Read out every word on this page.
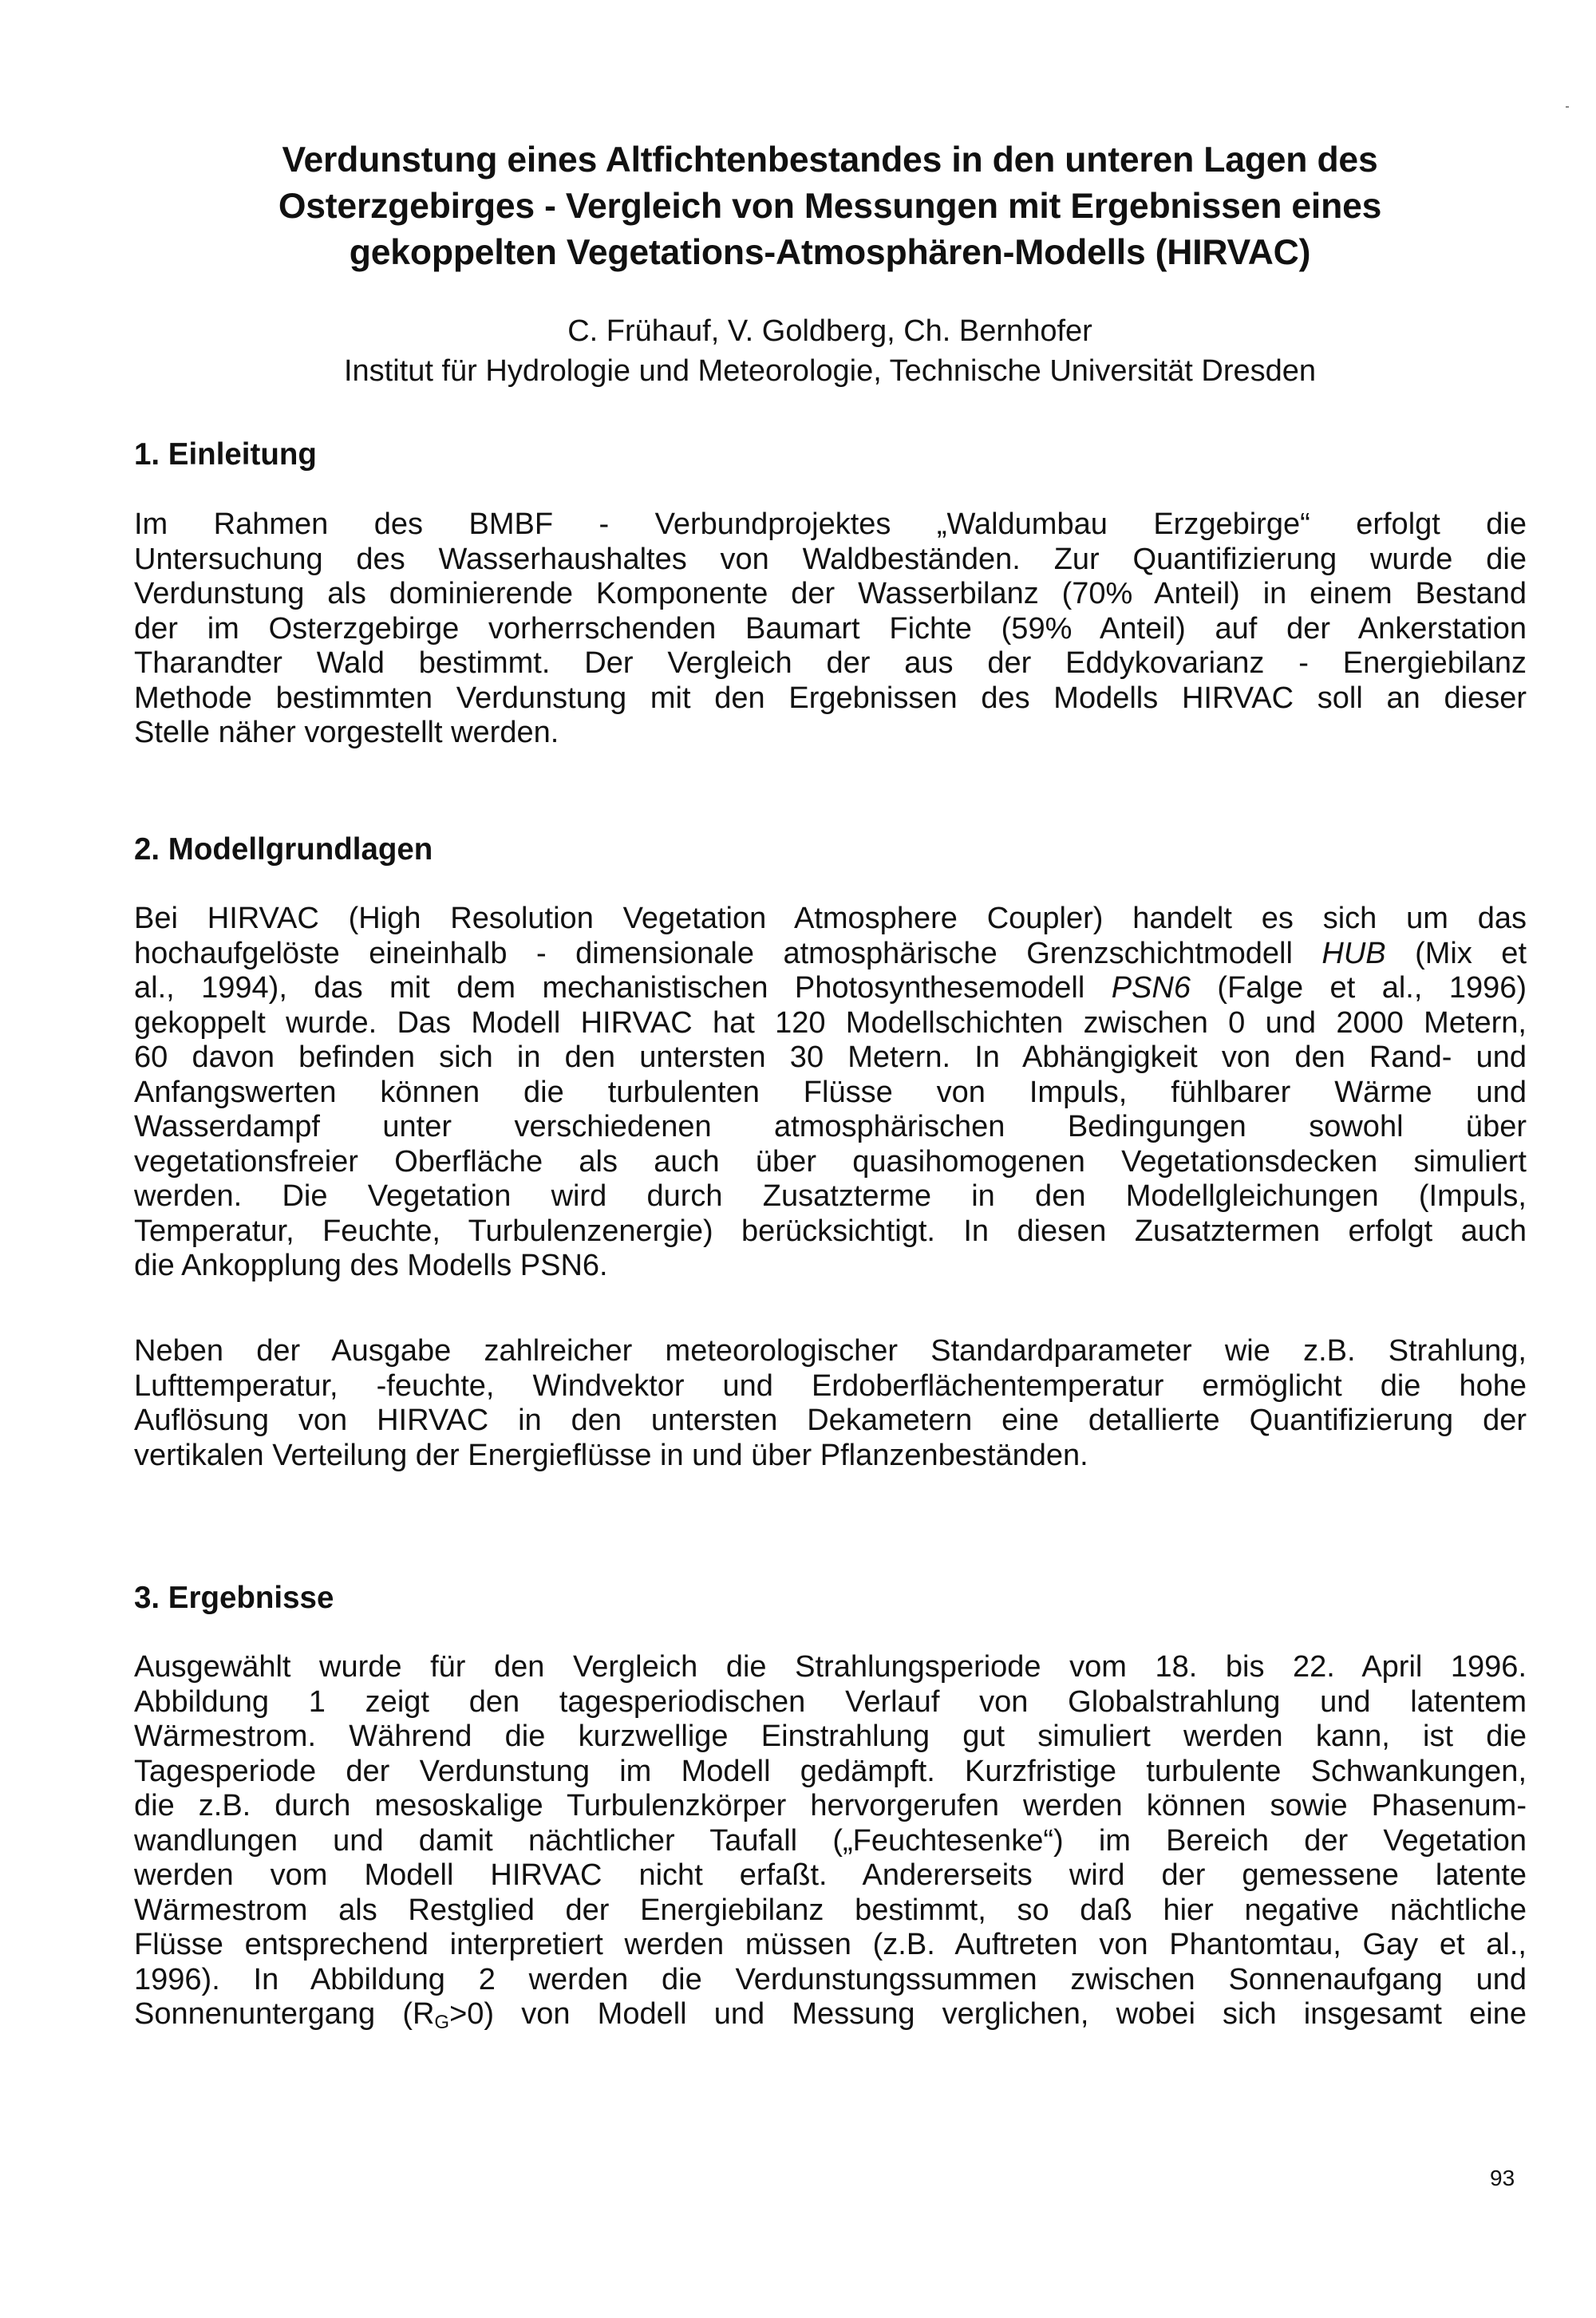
Verdunstung eines Altfichtenbestandes in den unteren Lagen des
Osterzgebirges - Vergleich von Messungen mit Ergebnissen eines
gekoppelten Vegetations-Atmosphären-Modells (HIRVAC)
C. Frühauf, V. Goldberg, Ch. Bernhofer
Institut für Hydrologie und Meteorologie, Technische Universität Dresden
1. Einleitung
Im Rahmen des BMBF - Verbundprojektes „Waldumbau Erzgebirge“ erfolgt die
Untersuchung des Wasserhaushaltes von Waldbeständen. Zur Quantifizierung wurde die
Verdunstung als dominierende Komponente der Wasserbilanz (70% Anteil) in einem Bestand
der im Osterzgebirge vorherrschenden Baumart Fichte (59% Anteil) auf der Ankerstation
Tharandter Wald bestimmt. Der Vergleich der aus der Eddykovarianz - Energiebilanz
Methode bestimmten Verdunstung mit den Ergebnissen des Modells HIRVAC soll an dieser
Stelle näher vorgestellt werden.
2. Modellgrundlagen
Bei HIRVAC (High Resolution Vegetation Atmosphere Coupler) handelt es sich um das
hochaufgelöste eineinhalb - dimensionale atmosphärische Grenzschichtmodell HUB (Mix et
al., 1994), das mit dem mechanistischen Photosynthesemodell PSN6 (Falge et al., 1996)
gekoppelt wurde. Das Modell HIRVAC hat 120 Modellschichten zwischen 0 und 2000 Metern,
60 davon befinden sich in den untersten 30 Metern. In Abhängigkeit von den Rand- und
Anfangswerten können die turbulenten Flüsse von Impuls, fühlbarer Wärme und
Wasserdampf unter verschiedenen atmosphärischen Bedingungen sowohl über
vegetationsfreier Oberfläche als auch über quasihomogenen Vegetationsdecken simuliert
werden. Die Vegetation wird durch Zusatzterme in den Modellgleichungen (Impuls,
Temperatur, Feuchte, Turbulenzenergie) berücksichtigt. In diesen Zusatztermen erfolgt auch
die Ankopplung des Modells PSN6.
Neben der Ausgabe zahlreicher meteorologischer Standardparameter wie z.B. Strahlung,
Lufttemperatur, -feuchte, Windvektor und Erdoberflächentemperatur ermöglicht die hohe
Auflösung von HIRVAC in den untersten Dekametern eine detallierte Quantifizierung der
vertikalen Verteilung der Energieflüsse in und über Pflanzenbeständen.
3. Ergebnisse
Ausgewählt wurde für den Vergleich die Strahlungsperiode vom 18. bis 22. April 1996.
Abbildung 1 zeigt den tagesperiodischen Verlauf von Globalstrahlung und latentem
Wärmestrom. Während die kurzwellige Einstrahlung gut simuliert werden kann, ist die
Tagesperiode der Verdunstung im Modell gedämpft. Kurzfristige turbulente Schwankungen,
die z.B. durch mesoskalige Turbulenzkörper hervorgerufen werden können sowie Phasenum-
wandlungen und damit nächtlicher Taufall („Feuchtesenke“) im Bereich der Vegetation
werden vom Modell HIRVAC nicht erfaßt. Andererseits wird der gemessene latente
Wärmestrom als Restglied der Energiebilanz bestimmt, so daß hier negative nächtliche
Flüsse entsprechend interpretiert werden müssen (z.B. Auftreten von Phantomtau, Gay et al.,
1996). In Abbildung 2 werden die Verdunstungssummen zwischen Sonnenaufgang und
Sonnenuntergang $(R_G>0)$ von Modell und Messung verglichen, wobei sich insgesamt eine
93
